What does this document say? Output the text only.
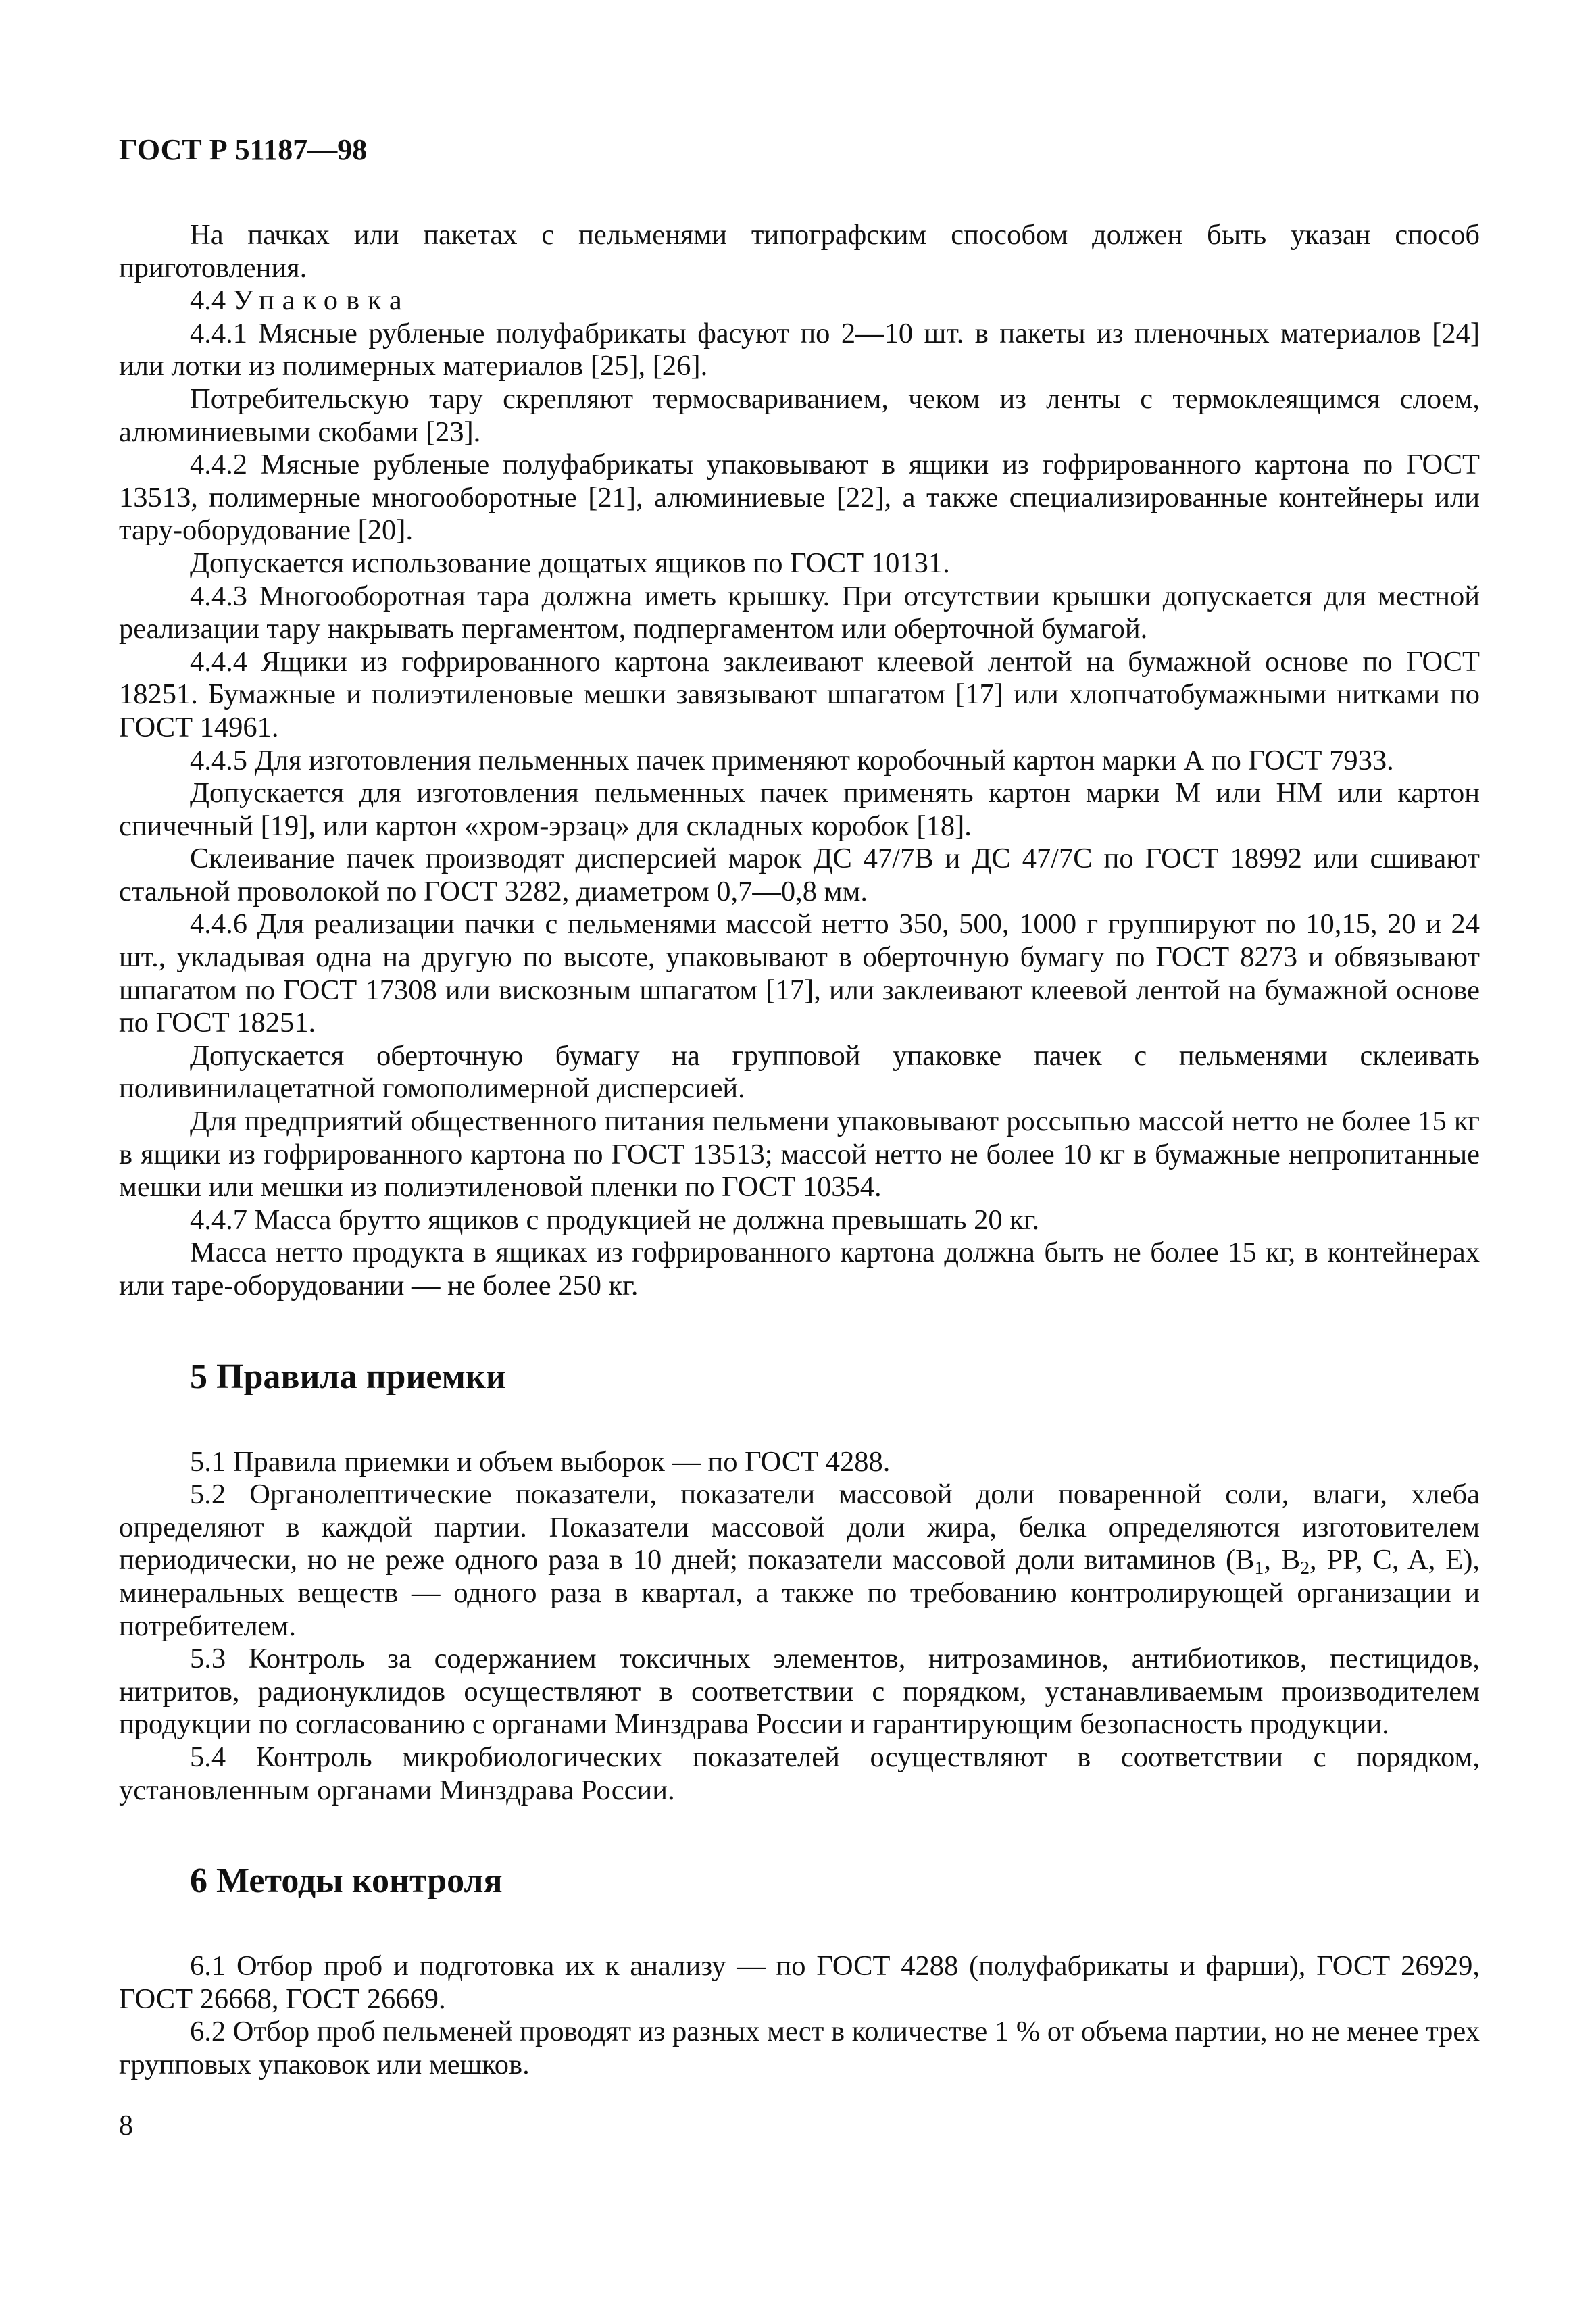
ГОСТ Р 51187—98

На пачках или пакетах с пельменями типографским способом должен быть указан способ приготовления.

4.4 Упаковка

4.4.1 Мясные рубленые полуфабрикаты фасуют по 2—10 шт. в пакеты из пленочных материалов [24] или лотки из полимерных материалов [25], [26].

Потребительскую тару скрепляют термосвариванием, чеком из ленты с термоклеящимся слоем, алюминиевыми скобами [23].

4.4.2 Мясные рубленые полуфабрикаты упаковывают в ящики из гофрированного картона по ГОСТ 13513, полимерные многооборотные [21], алюминиевые [22], а также специализированные контейнеры или тару-оборудование [20].

Допускается использование дощатых ящиков по ГОСТ 10131.

4.4.3 Многооборотная тара должна иметь крышку. При отсутствии крышки допускается для местной реализации тару накрывать пергаментом, подпергаментом или оберточной бумагой.

4.4.4 Ящики из гофрированного картона заклеивают клеевой лентой на бумажной основе по ГОСТ 18251. Бумажные и полиэтиленовые мешки завязывают шпагатом [17] или хлопчатобумажными нитками по ГОСТ 14961.

4.4.5 Для изготовления пельменных пачек применяют коробочный картон марки А по ГОСТ 7933.

Допускается для изготовления пельменных пачек применять картон марки М или НМ или картон спичечный [19], или картон «хром-эрзац» для складных коробок [18].

Склеивание пачек производят дисперсией марок ДС 47/7В и ДС 47/7С по ГОСТ 18992 или сшивают стальной проволокой по ГОСТ 3282, диаметром 0,7—0,8 мм.

4.4.6 Для реализации пачки с пельменями массой нетто 350, 500, 1000 г группируют по 10,15, 20 и 24 шт., укладывая одна на другую по высоте, упаковывают в оберточную бумагу по ГОСТ 8273 и обвязывают шпагатом по ГОСТ 17308 или вискозным шпагатом [17], или заклеивают клеевой лентой на бумажной основе по ГОСТ 18251.

Допускается оберточную бумагу на групповой упаковке пачек с пельменями склеивать поливинилацетатной гомополимерной дисперсией.

Для предприятий общественного питания пельмени упаковывают россыпью массой нетто не более 15 кг в ящики из гофрированного картона по ГОСТ 13513; массой нетто не более 10 кг в бумажные непропитанные мешки или мешки из полиэтиленовой пленки по ГОСТ 10354.

4.4.7 Масса брутто ящиков с продукцией не должна превышать 20 кг.

Масса нетто продукта в ящиках из гофрированного картона должна быть не более 15 кг, в контейнерах или таре-оборудовании — не более 250 кг.

5 Правила приемки

5.1 Правила приемки и объем выборок — по ГОСТ 4288.

5.2 Органолептические показатели, показатели массовой доли поваренной соли, влаги, хлеба определяют в каждой партии. Показатели массовой доли жира, белка определяются изготовителем периодически, но не реже одного раза в 10 дней; показатели массовой доли витаминов ($B_1$, $B_2$, PP, C, A, E), минеральных веществ — одного раза в квартал, а также по требованию контролирующей организации и потребителем.

5.3 Контроль за содержанием токсичных элементов, нитрозаминов, антибиотиков, пестицидов, нитритов, радионуклидов осуществляют в соответствии с порядком, устанавливаемым производителем продукции по согласованию с органами Минздрава России и гарантирующим безопасность продукции.

5.4 Контроль микробиологических показателей осуществляют в соответствии с порядком, установленным органами Минздрава России.

6 Методы контроля

6.1 Отбор проб и подготовка их к анализу — по ГОСТ 4288 (полуфабрикаты и фарши), ГОСТ 26929, ГОСТ 26668, ГОСТ 26669.

6.2 Отбор проб пельменей проводят из разных мест в количестве 1 % от объема партии, но не менее трех групповых упаковок или мешков.

8
